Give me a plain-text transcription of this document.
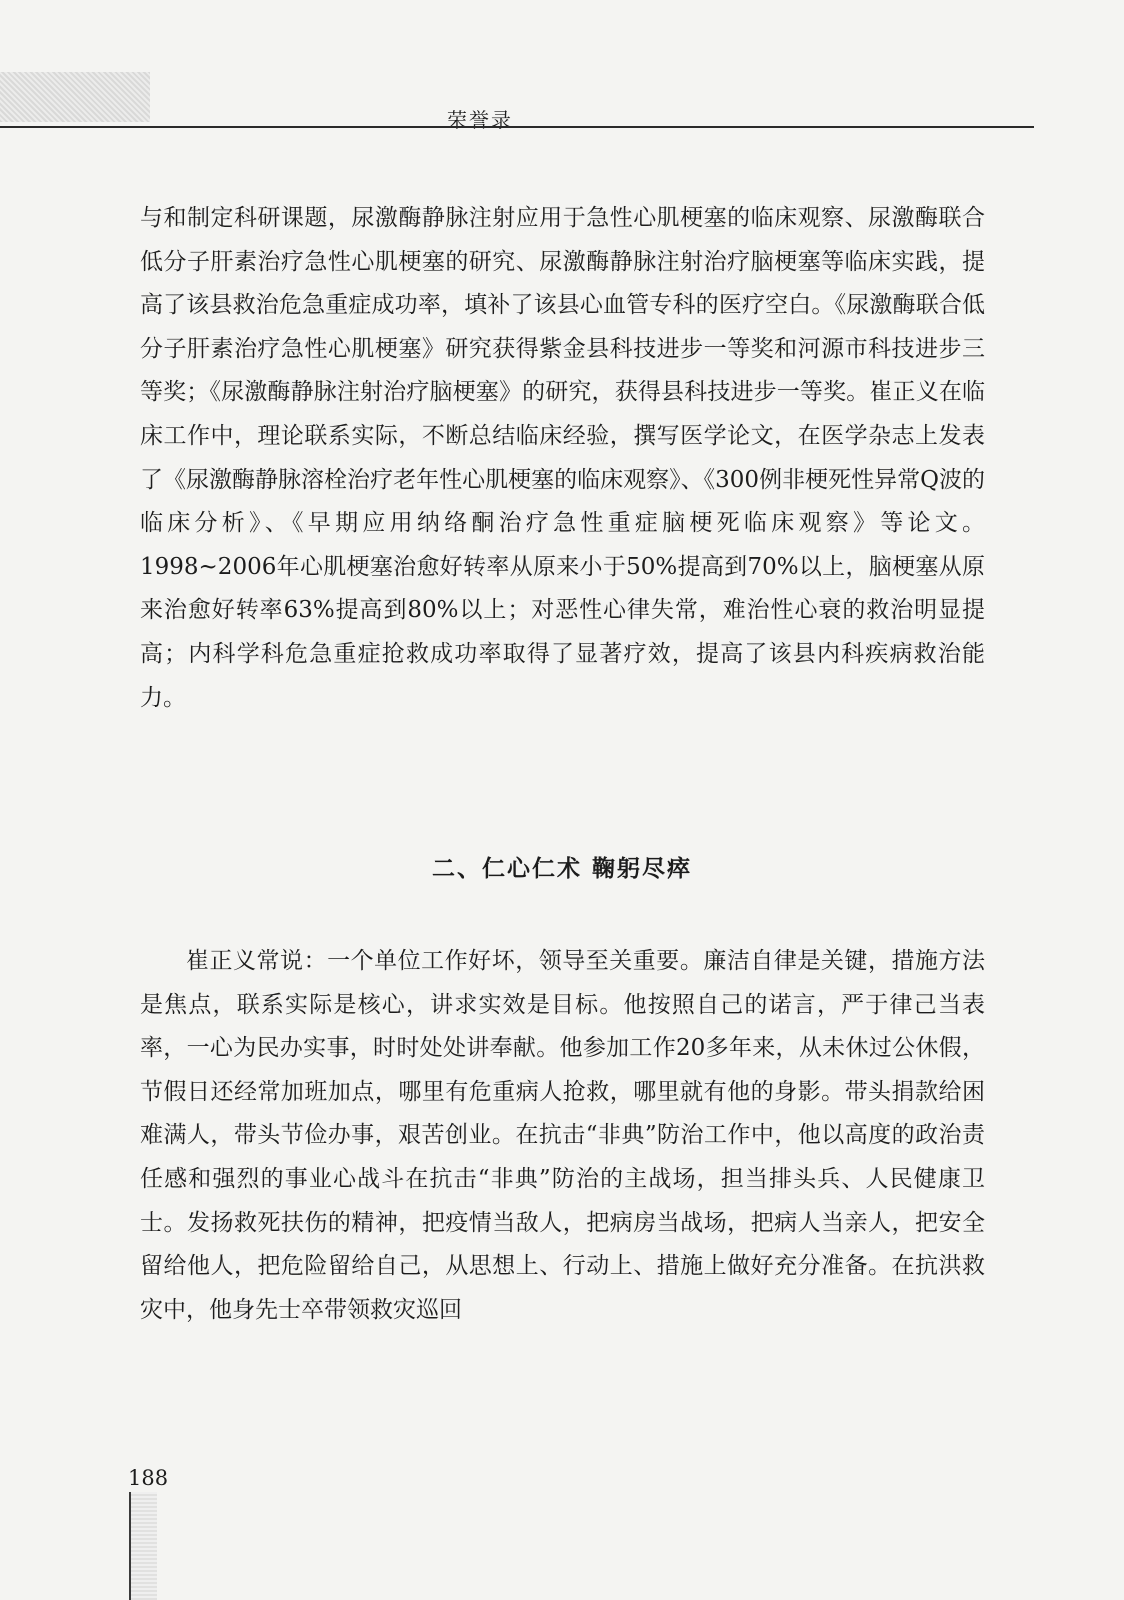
荣誉录

与和制定科研课题，尿激酶静脉注射应用于急性心肌梗塞的临床观察、尿激酶联合低分子肝素治疗急性心肌梗塞的研究、尿激酶静脉注射治疗脑梗塞等临床实践，提高了该县救治危急重症成功率，填补了该县心血管专科的医疗空白。《尿激酶联合低分子肝素治疗急性心肌梗塞》研究获得紫金县科技进步一等奖和河源市科技进步三等奖；《尿激酶静脉注射治疗脑梗塞》的研究，获得县科技进步一等奖。崔正义在临床工作中，理论联系实际，不断总结临床经验，撰写医学论文，在医学杂志上发表了《尿激酶静脉溶栓治疗老年性心肌梗塞的临床观察》、《300例非梗死性异常Q波的临床分析》、《早期应用纳络酮治疗急性重症脑梗死临床观察》等论文。1998~2006年心肌梗塞治愈好转率从原来小于50%提高到70%以上，脑梗塞从原来治愈好转率63%提高到80%以上；对恶性心律失常，难治性心衰的救治明显提高；内科学科危急重症抢救成功率取得了显著疗效，提高了该县内科疾病救治能力。

二、仁心仁术 鞠躬尽瘁

崔正义常说：一个单位工作好坏，领导至关重要。廉洁自律是关键，措施方法是焦点，联系实际是核心，讲求实效是目标。他按照自己的诺言，严于律己当表率，一心为民办实事，时时处处讲奉献。他参加工作20多年来，从未休过公休假，节假日还经常加班加点，哪里有危重病人抢救，哪里就有他的身影。带头捐款给困难满人，带头节俭办事，艰苦创业。在抗击“非典”防治工作中，他以高度的政治责任感和强烈的事业心战斗在抗击“非典”防治的主战场，担当排头兵、人民健康卫士。发扬救死扶伤的精神，把疫情当敌人，把病房当战场，把病人当亲人，把安全留给他人，把危险留给自己，从思想上、行动上、措施上做好充分准备。在抗洪救灾中，他身先士卒带领救灾巡回

188
